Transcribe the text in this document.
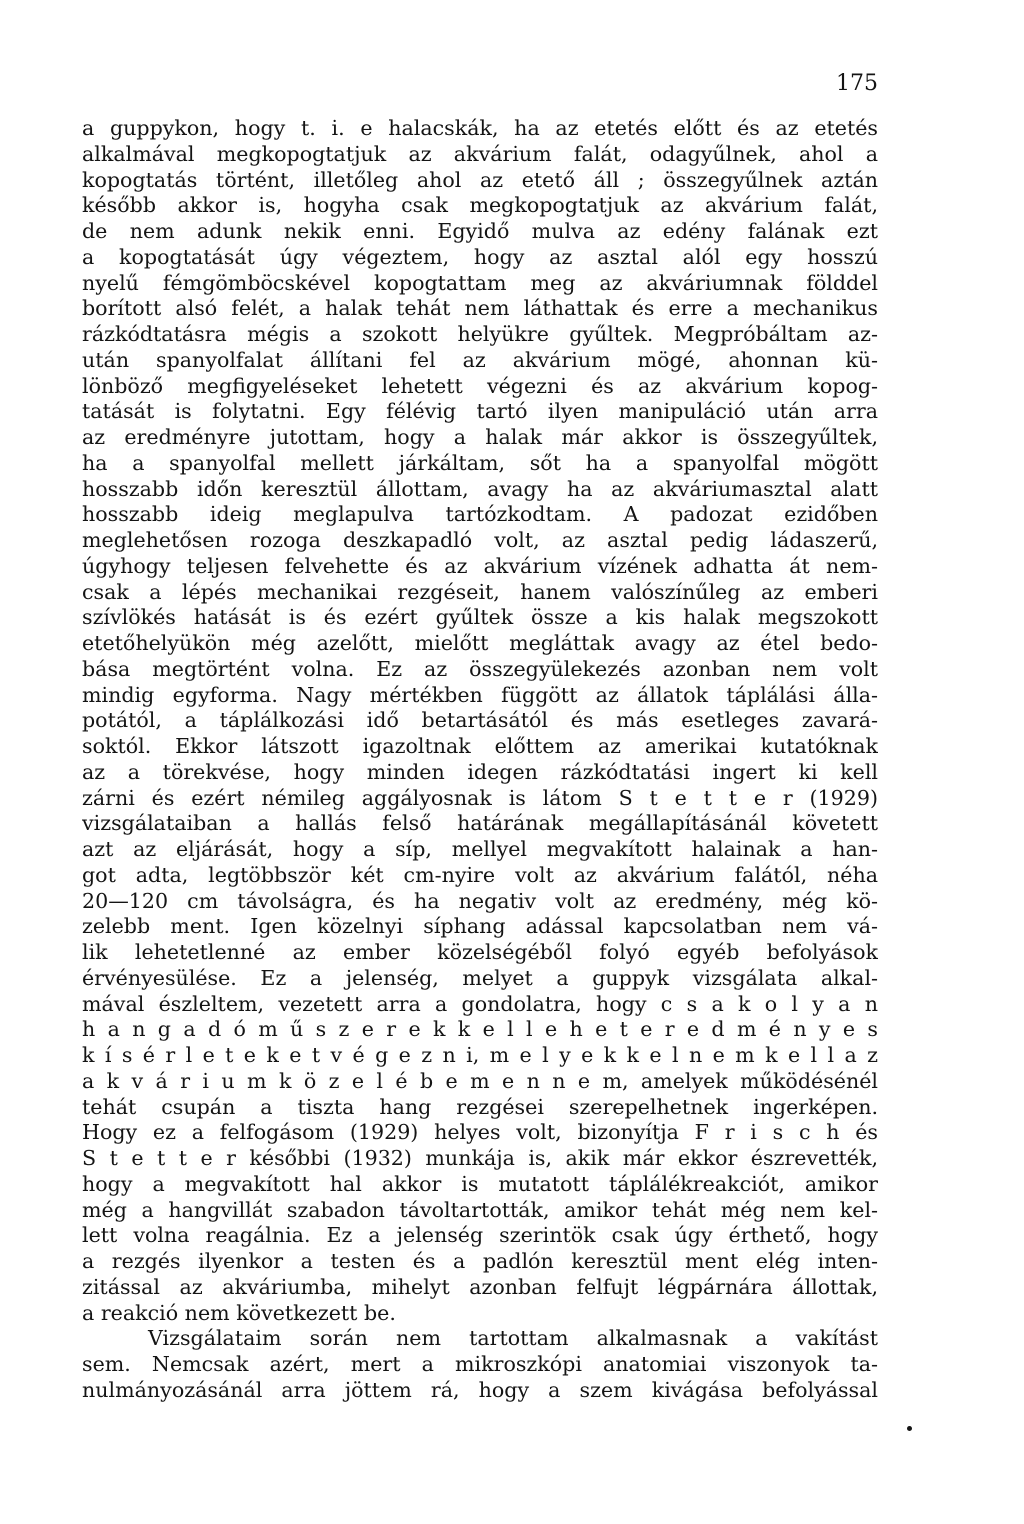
175
a guppykon, hogy t. i. e halacskák, ha az etetés előtt és az etetés
alkalmával megkopogtatjuk az akvárium falát, odagyűlnek, ahol a
kopogtatás történt, illetőleg ahol az etető áll ; összegyűlnek aztán
később akkor is, hogyha csak megkopogtatjuk az akvárium falát,
de nem adunk nekik enni. Egyidő mulva az edény falának ezt
a kopogtatását úgy végeztem, hogy az asztal alól egy hosszú
nyelű fémgömböcskével kopogtattam meg az akváriumnak földdel
borított alsó felét, a halak tehát nem láthattak és erre a mechanikus
rázkódtatásra mégis a szokott helyükre gyűltek. Megpróbáltam az-
után spanyolfalat állítani fel az akvárium mögé, ahonnan kü-
lönböző megfigyeléseket lehetett végezni és az akvárium kopog-
tatását is folytatni. Egy félévig tartó ilyen manipuláció után arra
az eredményre jutottam, hogy a halak már akkor is összegyűltek,
ha a spanyolfal mellett járkáltam, sőt ha a spanyolfal mögött
hosszabb időn keresztül állottam, avagy ha az akváriumasztal alatt
hosszabb ideig meglapulva tartózkodtam. A padozat ezidőben
meglehetősen rozoga deszkapadló volt, az asztal pedig ládaszerű,
úgyhogy teljesen felvehette és az akvárium vízének adhatta át nem-
csak a lépés mechanikai rezgéseit, hanem valószínűleg az emberi
szívlökés hatását is és ezért gyűltek össze a kis halak megszokott
etetőhelyükön még azelőtt, mielőtt megláttak avagy az étel bedo-
bása megtörtént volna. Ez az összegyülekezés azonban nem volt
mindig egyforma. Nagy mértékben függött az állatok táplálási álla-
potától, a táplálkozási idő betartásától és más esetleges zavará-
soktól. Ekkor látszott igazoltnak előttem az amerikai kutatóknak
az a törekvése, hogy minden idegen rázkódtatási ingert ki kell
zárni és ezért némileg aggályosnak is látom S t e t t e r (1929)
vizsgálataiban a hallás felső határának megállapításánál követett
azt az eljárását, hogy a síp, mellyel megvakított halainak a han-
got adta, legtöbbször két cm-nyire volt az akvárium falától, néha
20—120 cm távolságra, és ha negativ volt az eredmény, még kö-
zelebb ment. Igen közelnyi síphang adással kapcsolatban nem vá-
lik lehetetlenné az ember közelségéből folyó egyéb befolyások
érvényesülése. Ez a jelenség, melyet a guppyk vizsgálata alkal-
mával észleltem, vezetett arra a gondolatra, hogy c s a k o l y a n
h a n g a d ó m ű s z e r e k k e l l e h e t e r e d m é n y e s
k í s é r l e t e k e t v é g e z n i, m e l y e k k e l n e m k e l l a z
a k v á r i u m k ö z e l é b e m e n n e m, amelyek működésénél
tehát csupán a tiszta hang rezgései szerepelhetnek ingerképen.
Hogy ez a felfogásom (1929) helyes volt, bizonyítja F r i s c h és
S t e t t e r későbbi (1932) munkája is, akik már ekkor észrevették,
hogy a megvakított hal akkor is mutatott táplálékreakciót, amikor
még a hangvillát szabadon távoltartották, amikor tehát még nem kel-
lett volna reagálnia. Ez a jelenség szerintök csak úgy érthető, hogy
a rezgés ilyenkor a testen és a padlón keresztül ment elég inten-
zitással az akváriumba, mihelyt azonban felfujt légpárnára állottak,
a reakció nem következett be.
Vizsgálataim során nem tartottam alkalmasnak a vakítást
sem. Nemcsak azért, mert a mikroszkópi anatomiai viszonyok ta-
nulmányozásánál arra jöttem rá, hogy a szem kivágása befolyással
